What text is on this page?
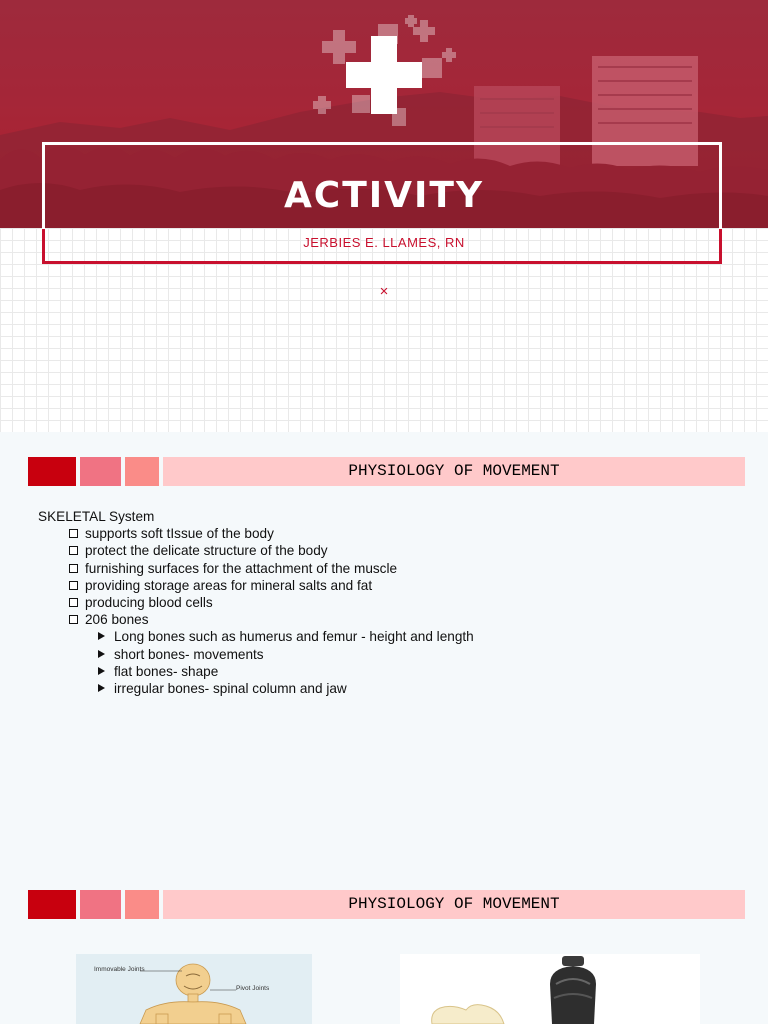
ACTIVITY
JERBIES E. LLAMES, RN
×
PHYSIOLOGY OF MOVEMENT
SKELETAL System
supports soft tIssue of the body
protect the delicate structure of the body
furnishing surfaces for the attachment of the muscle
providing storage areas for mineral salts and fat
producing blood cells
206 bones
Long bones such as humerus and femur - height and length
short bones- movements
flat bones- shape
irregular bones- spinal column and jaw
PHYSIOLOGY OF MOVEMENT
Immovable Joints
Pivot Joints
